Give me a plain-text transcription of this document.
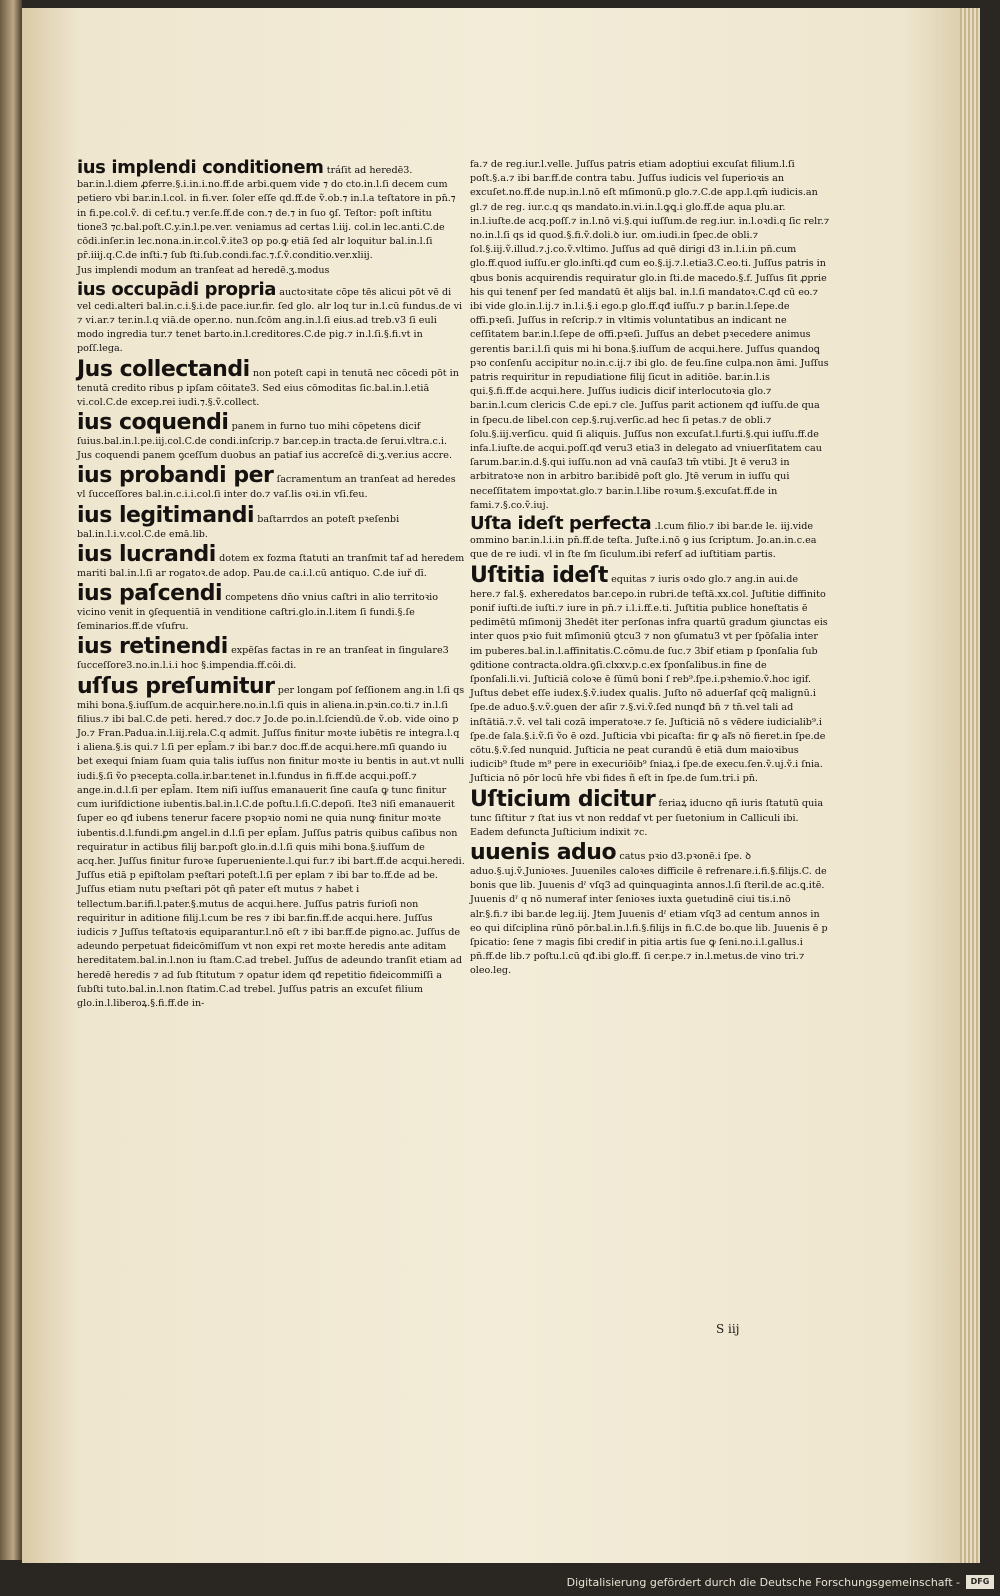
ius implendi conditionem tráſit ad heredē3. bar.in.l.diem ꝓferre.§.i.in.i.no.ff.de arbi.quem vide ⁊ do cto.in.l.ſi decem cum petiero vbi bar.in.l.col. in fi.ver. ſoler eſſe qd.ff.de ṽ.ob.⁊ in.l.a teſtatore in pn̄.⁊ in fi.pe.col.ṽ. di cef.tu.⁊ ver.ſe.ff.de con.⁊ de.⁊ in ſuo ꝯſ. Teſtor: poſt inſtitu tione3 ⁊c.bal.poſt.C.y.in.l.pe.ver. veniamus ad certas l.iij. col.in lec.anti.C.de cōdi.inſer.in lec.nona.in.ir.col.ṽ.ite3 op po.ꝙ etiā ſed alr loquitur bal.in.l.ſi pr̄.iiij.q.C.de inſti.⁊ ſub ſti.ſub.condi.fac.⁊.ſ.ṽ.conditio.ver.xliij.
Jus implendi modum an tranſeat ad heredē.ʒ.modus
ius occupādi propria auctoꝛitate cōpe tēs alicui pōt vē di vel cedi.alteri bal.in.c.i.§.i.de pace.iur.fir. ſed glo. alr loq tur in.l.cū fundus.de vi ⁊ vi.ar.⁊ ter.in.l.q viā.de oper.no. nun.ſcōm ang.in.l.ſi eius.ad treb.v3 ſi euli modo ingredia tur.⁊ tenet barto.in.l.creditores.C.de pig.⁊ in.l.ſi.§.fi.vt in poſſ.lega.
Jus collectandi non poteſt capi in tenutā nec cōcedi pōt in tenutā credito ribus p ipſam cōitate3. Sed eius cōmoditas ſic.bal.in.l.etiā vi.col.C.de excep.rei iudi.⁊.§.ṽ.collect.
ius coquendi panem in furno tuo mihi cōpetens dicif ſuius.bal.in.l.pe.iij.col.C.de condi.inſcrip.⁊ bar.cep.in tracta.de ſerui.vltra.c.i. Jus coquendi panem ꝯceſſum duobus an patiaf ius accreſcē di.ʒ.ver.ius accre.
ius probandi per ſacramentum an tranſeat ad heredes vl ſucceſſores bal.in.c.i.i.col.ſi inter do.⁊ vaſ.lis oꝛi.in vſi.feu.
ius legitimandi baſtarrdos an poteſt pꝛeſenbi bal.in.l.i.v.col.C.de emā.lib.
ius lucrandi dotem ex fozma ſtatuti an tranſmit taf ad heredem mariti bal.in.l.ſi ar rogatoꝛ.de adop. Pau.de ca.i.l.cū antiquo. C.de iuř dī.
ius paſcendi competens dn̄o vnius caſtri in alio territoꝛio vicino venit in ꝯſequentiā in venditione caſtri.glo.in.l.item ſi fundi.§.ſe ſeminarios.ff.de vſufru.
ius retinendi expēſas factas in re an tranſeat in ſingulare3 ſucceſſore3.no.in.l.i.i hoc §.impendia.ff.cōi.di.
uſſus preſumitur per longam poſ ſeſſionem ang.in l.ſi qs mihi bona.§.iuſſum.de acquir.here.no.in.l.ſi quis in aliena.in.pꝛin.co.ti.⁊ in.l.ſi filius.⁊ ibi bal.C.de peti. hered.⁊ doc.⁊ Jo.de po.in.l.ſciendū.de ṽ.ob. vide oino p Jo.⁊ Fran.Padua.in.l.iij.rela.C.q admit. Juſſus finitur moꝛte iubētis re integra.l.q i aliena.§.is qui.⁊ l.ſi per epl̄am.⁊ ibi bar.⁊ doc.ff.de acqui.here.mſi quando iu bet exequi ſniam ſuam quia talis iuſſus non finitur moꝛte iu bentis in aut.vt nulli iudi.§.ſi ṽo pꝛecepta.colla.ir.bar.tenet in.l.fundus in fi.ff.de acqui.poſſ.⁊ ange.in.d.l.ſi per epl̄am. Item niſi iuſſus emanauerit ſine cauſa ꝙ tunc finitur cum iuriſdictione iubentis.bal.in.l.C.de poſtu.l.ſi.C.depoſi. Ite3 niſi emanauerit ſuper eo qđ iubens tenerur facere pꝛopꝛio nomi ne quia nunꝙ finitur moꝛte iubentis.d.l.fundi.ꝑm angel.in d.l.ſi per epl̄am. Juſſus patris quibus caſibus non requiratur in actibus filij bar.poſt glo.in.d.l.ſi quis mihi bona.§.iuſſum de acq.her. Juſſus finitur furoꝛe ſuperueniente.l.qui fur.⁊ ibi bart.ff.de acqui.heredi. Juſſus etiā p epiſtolam pꝛeſtari poteſt.l.ſi per eplam ⁊ ibi bar to.ff.de ad be. Juſſus etiam nutu pꝛeſtari pōt qñ pater eſt mutus ⁊ habet i tellectum.bar.ifi.l.pater.§.mutus de acqui.here. Juſſus patris furioſi non requiritur in aditione filij.l.cum be res ⁊ ibi bar.fin.ff.de acqui.here. Juſſus iudicis ⁊ Juſſus teſtatoꝛis equiparantur.l.nō eſt ⁊ ibi bar.ff.de pigno.ac. Juſſus de adeundo perpetuat fideicōmiſſum vt non expi ret moꝛte heredis ante aditam hereditatem.bal.in.l.non iu ſtam.C.ad trebel. Juſſus de adeundo tranſit etiam ad heredē heredis ⁊ ad ſub ſtitutum ⁊ opatur idem qđ repetitio fideicommiſſi a ſubſti tuto.bal.in.l.non ſtatim.C.ad trebel. Juſſus patris an excuſet filium glo.in.l.liberoꝝ.§.fi.ff.de in-
fa.⁊ de reg.iur.l.velle. Juſſus patris etiam adoptiui excuſat filium.l.ſi poſt.§.a.⁊ ibi bar.ff.de contra tabu. Juſſus iudicis vel ſuperioꝛis an excuſet.no.ff.de nup.in.l.nō eſt mſimonū.p glo.⁊.C.de app.l.qm̄ iudicis.an gl.⁊ de reg. iur.c.q qs mandato.in.vi.in.l.ꝙꝗ.i glo.ff.de aqua plu.ar. in.l.iuſte.de acq.poſſ.⁊ in.l.nō vi.§.qui iuſſum.de reg.iur. in.l.oꝛdi.q ſic relr.⁊ no.in.l.ſi qs id quod.§.fi.ṽ.doli.ꝺ iur. om.iudi.in ſpec.de obli.⁊ ſol.§.iij.ṽ.illud.⁊.j.co.ṽ.vltimo. Juſſus ad quē dirigi d3 in.l.i.in pn̄.cum glo.ff.quod iuſſu.er glo.inſti.qđ cum eo.§.ij.⁊.l.etia3.C.eo.ti. Juſſus patris in qbus bonis acquirendis requiratur glo.in ſti.de macedo.§.f. Juſſus ſit ꝓprie his qui tenenf per ſed mandatū ēt alijs bal. in.l.ſi mandatoꝛ.C.qđ cū eo.⁊ ibi vide glo.in.l.ij.⁊ in.l.i.§.i ego.p glo.ff.qđ iuſſu.⁊ p bar.in.l.ſepe.de offi.pꝛeſi. Juſſus in reſcrip.⁊ in vltimis voluntatibus an indicant ne ceſſitatem bar.in.l.ſepe de offi.pꝛeſi. Juſſus an debet pꝛecedere animus gerentis bar.i.l.ſi quis mi hi bona.§.iuſſum de acqui.here. Juſſus quandoꝗ pꝛo conſenſu accipitur no.in.c.ij.⁊ ibi glo. de feu.ſine culpa.non āmi. Juſſus patris requiritur in repudiatione filij ſicut in aditiōe. bar.in.l.is qui.§.fi.ff.de acqui.here. Juſſus iudicis dicif interlocutoꝛia glo.⁊ bar.in.l.cum clericis C.de epi.⁊ cle. Juſſus parit actionem qđ iuſſu.de qua in ſpecu.de libel.con cep.§.ruj.verſic.ad hec ſi petas.⁊ de obli.⁊ ſolu.§.iij.verſicu. quid ſi aliquis. Juſſus non excuſat.l.furti.§.qui iuſſu.ff.de infa.l.iuſte.de acqui.poſſ.qđ veru3 etia3 in delegato ad vniuerſitatem cau ſarum.bar.in.d.§.qui iuſſu.non ad vnā cauſa3 tm̄ vtibi. Jt ē veru3 in arbitratoꝛe non in arbitro bar.ibidē poſt glo. Jtē verum in iuſſu qui neceſſitatem impoꝛtat.glo.⁊ bar.in.l.libe roꝛum.§.excuſat.ff.de in fami.⁊.§.co.ṽ.iuj.
Uſta ideſt perfecta .l.cum filio.⁊ ibi bar.de le. iij.vide ommino bar.in.l.i.in pn̄.ff.de teſta. Juſte.i.nō ꝯ ius ſcriptum. Jo.an.in.c.ea que de re iudi. vl in ſte ſm ſiculum.ibi referſ ad iuſtitiam partis.
Uſtitia ideſt equitas ⁊ iuris oꝛdo glo.⁊ ang.in aui.de here.⁊ fal.§. exheredatos bar.cepo.in rubri.de teſtā.xx.col. Juſtitie diffinito ponif iuſti.de iuſti.⁊ iure in pn̄.⁊ i.l.i.ff.e.ti. Juſtitia publice honeſtatis ē pedimētū mſimonij 3hedēt iter perſonas infra quartū gradum ꝯiunctas eis inter quos pꝛio fuit mſimoniū ꝯtcu3 ⁊ non ꝯſumatu3 vt per ſpōſalia inter im puberes.bal.in.l.affinitatis.C.cōmu.de ſuc.⁊ 3bif etiam p ſponſalia ſub ꝯditione contracta.oldra.ꝯſi.clxxv.p.c.ex ſponſalibus.in fine de ſponſali.li.vi. Juſticiā coloꝛe ē ſūmū boni ſ reb⁹.ſpe.i.pꝛhemio.ṽ.hoc igif. Juſtus debet eſſe iudex.§.ṽ.iudex qualis. Juſto nō aduerſaf qcq̄ malignū.i ſpe.de aduo.§.v.ṽ.ꝯuen der aſir ⁊.§.vi.ṽ.ſed nunqđ bn̄ ⁊ tn̄.vel tali ad inſtātiā.⁊.ṽ. vel tali cozā imperatoꝛe.⁊ ſe. Juſticiā nō s vēdere iudicialib⁹.i ſpe.de ſala.§.i.ṽ.ſi ṽo ē ozd. Juſticia vbi picaſta: fir ꝙ aľs nō fieret.in ſpe.de cōtu.§.ṽ.ſed nunquid. Juſticia ne peat curandū ē etiā dum maioꝛibus iudicib⁹ ſtude m⁹ pere in execuriōib⁹ ſniaꝝ.i ſpe.de execu.ſen.ṽ.uj.ṽ.i ſnia. Juſticia nō pōr locū hr̄e vbi fides ñ eſt in ſpe.de ſum.tri.i pn̄.
Uſticium dicitur feriaꝝ iducno qñ iuris ſtatutū quia tunc ſiſtitur ⁊ ſtat ius vt non reddaf vt per ſuetonium in Calliculi ibi. Eadem defuncta Juſticium indixit ⁊c.
uuenis aduo catus pꝛio d3.pꝛonē.i ſpe. ꝺ aduo.§.uj.ṽ.Junioꝛes. Juueniles caloꝛes difficile ē refrenare.i.fi.§.filijs.C. de bonis que lib. Juuenis dˀ vſq3 ad quinquaginta annos.l.ſi ſteril.de ac.ꝗ.itē. Juuenis dˀ q nō numeraf inter ſenioꝛes iuxta ꝯuetudinē ciui tis.i.nō alr.§.fi.⁊ ibi bar.de leg.iij. Jtem Juuenis dˀ etiam vſq3 ad centum annos in eo qui diſciplina rūnō pōr.bal.in.l.fi.§.filijs in fi.C.de bo.que lib. Juuenis ē p ſpicatio: ſene ⁊ magis ſibi credif in pitia artis ſue ꝙ ſeni.no.i.l.gallus.i pn̄.ff.de lib.⁊ poſtu.l.cū qđ.ibi glo.ff. ſi cer.pe.⁊ in.l.metus.de vino tri.⁊ oleo.leg.
S iij
Digitalisierung gefördert durch die Deutsche Forschungsgemeinschaft -	DFG
